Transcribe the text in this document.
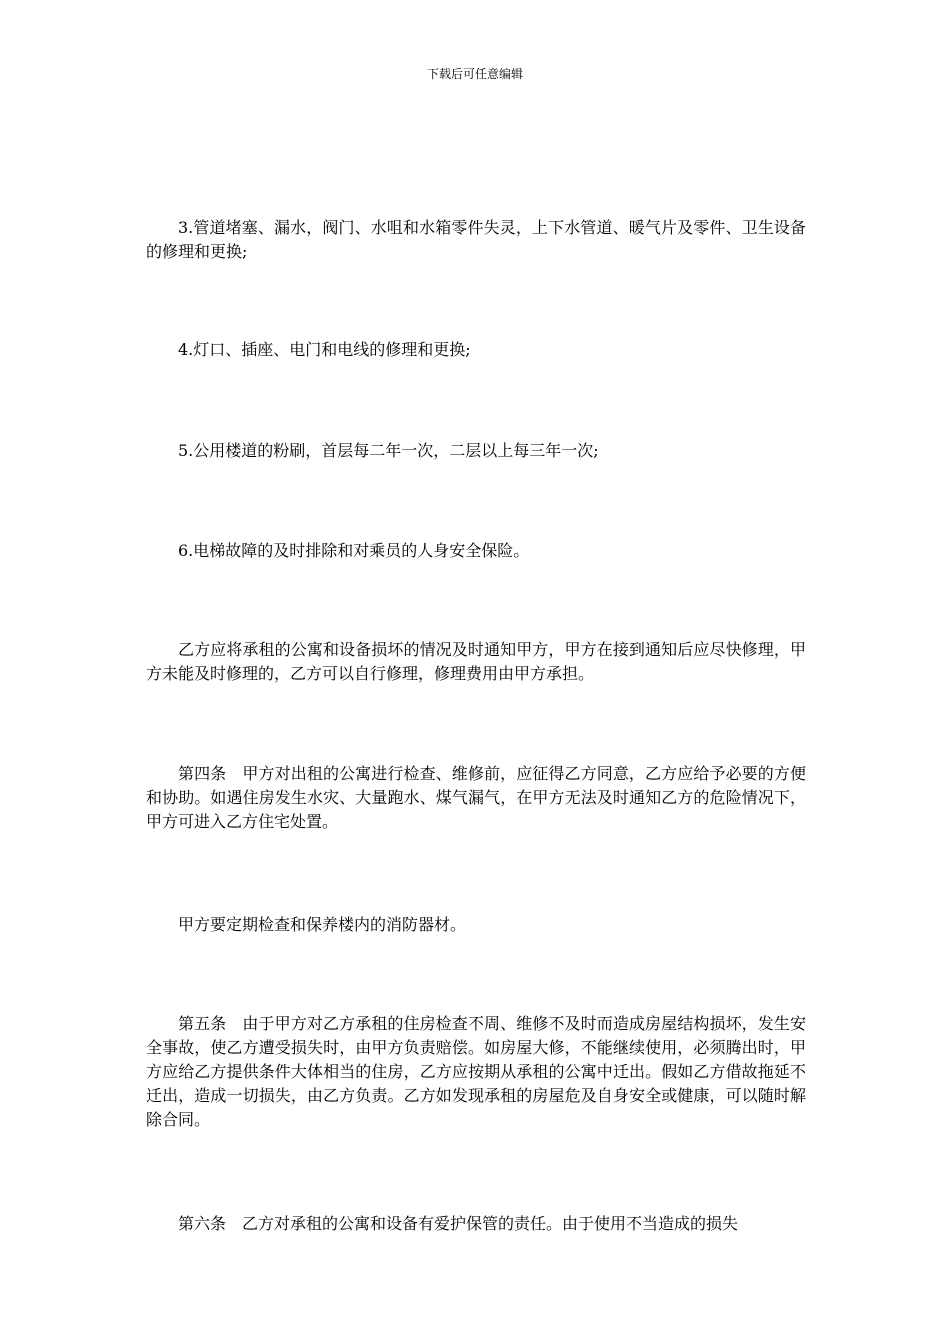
下载后可任意编辑

3.管道堵塞、漏水，阀门、水咀和水箱零件失灵，上下水管道、暖气片及零件、卫生设备的修理和更换;

4.灯口、插座、电门和电线的修理和更换;

5.公用楼道的粉刷，首层每二年一次，二层以上每三年一次;

6.电梯故障的及时排除和对乘员的人身安全保险。

乙方应将承租的公寓和设备损坏的情况及时通知甲方，甲方在接到通知后应尽快修理，甲方未能及时修理的，乙方可以自行修理，修理费用由甲方承担。

第四条　甲方对出租的公寓进行检查、维修前，应征得乙方同意，乙方应给予必要的方便和协助。如遇住房发生水灾、大量跑水、煤气漏气，在甲方无法及时通知乙方的危险情况下，甲方可进入乙方住宅处置。

甲方要定期检查和保养楼内的消防器材。

第五条　由于甲方对乙方承租的住房检查不周、维修不及时而造成房屋结构损坏，发生安全事故，使乙方遭受损失时，由甲方负责赔偿。如房屋大修，不能继续使用，必须腾出时，甲方应给乙方提供条件大体相当的住房，乙方应按期从承租的公寓中迁出。假如乙方借故拖延不迁出，造成一切损失，由乙方负责。乙方如发现承租的房屋危及自身安全或健康，可以随时解除合同。

第六条　乙方对承租的公寓和设备有爱护保管的责任。由于使用不当造成的损失
